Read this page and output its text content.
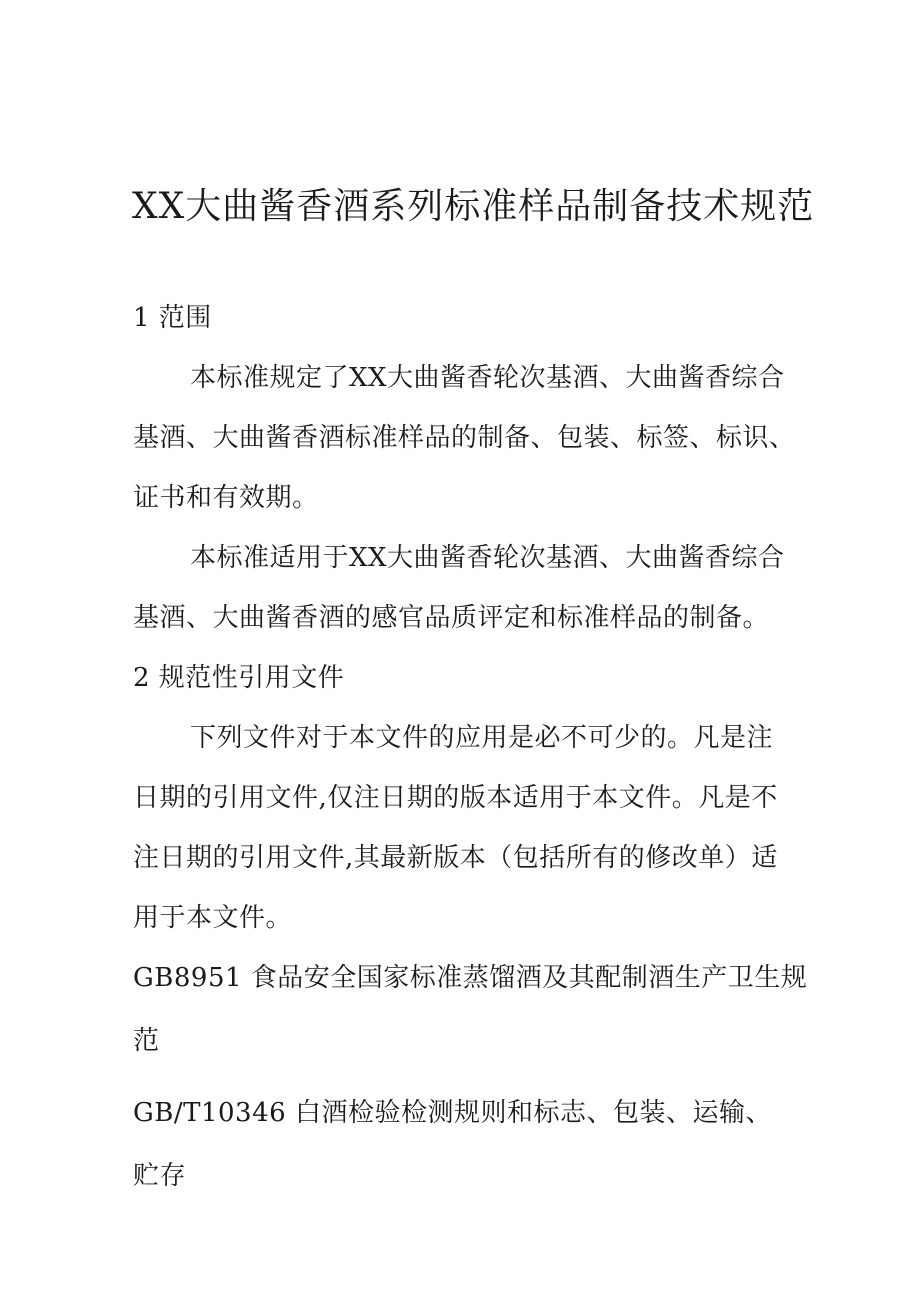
XX大曲酱香酒系列标准样品制备技术规范
1 范围
本标准规定了XX大曲酱香轮次基酒、大曲酱香综合
基酒、大曲酱香酒标准样品的制备、包装、标签、标识、
证书和有效期。
本标准适用于XX大曲酱香轮次基酒、大曲酱香综合
基酒、大曲酱香酒的感官品质评定和标准样品的制备。
2 规范性引用文件
下列文件对于本文件的应用是必不可少的。凡是注
日期的引用文件,仅注日期的版本适用于本文件。凡是不
注日期的引用文件,其最新版本（包括所有的修改单）适
用于本文件。
GB8951 食品安全国家标准蒸馏酒及其配制酒生产卫生规
范
GB/T10346 白酒检验检测规则和标志、包装、运输、
贮存
